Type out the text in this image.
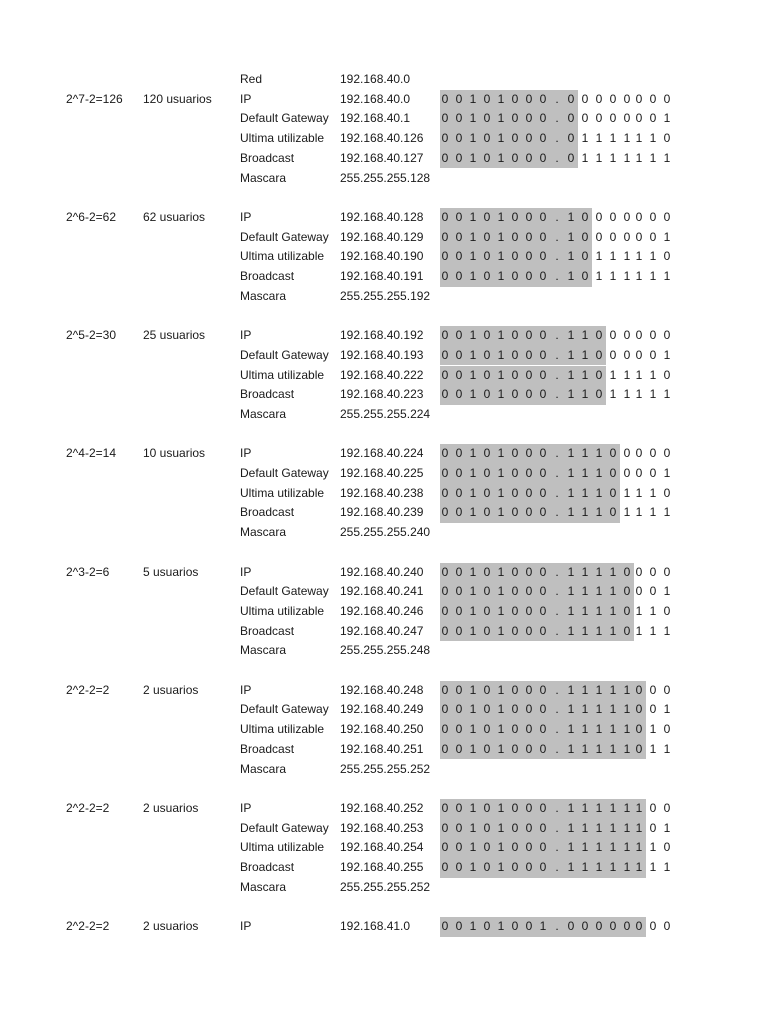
Red	192.168.40.0
2^7-2=126 120 usuarios IP	192.168.40.0	0 0 1 0 1 0 0 0 . 0 0 0 0 0 0 0 0
Default Gateway 192.168.40.1	0 0 1 0 1 0 0 0 . 0 0 0 0 0 0 0 1
Ultima utilizable 192.168.40.126 0 0 1 0 1 0 0 0 . 0 1 1 1 1 1 1 0
Broadcast	192.168.40.127 0 0 1 0 1 0 0 0 . 0 1 1 1 1 1 1 1
Mascara	255.255.255.128
2^6-2=62 62 usuarios	IP	192.168.40.128 0 0 1 0 1 0 0 0 . 1 0 0 0 0 0 0 0
Default Gateway 192.168.40.129 0 0 1 0 1 0 0 0 . 1 0 0 0 0 0 0 1
Ultima utilizable 192.168.40.190 0 0 1 0 1 0 0 0 . 1 0 1 1 1 1 1 0
Broadcast	192.168.40.191 0 0 1 0 1 0 0 0 . 1 0 1 1 1 1 1 1
Mascara	255.255.255.192
2^5-2=30 25 usuarios	IP	192.168.40.192 0 0 1 0 1 0 0 0 . 1 1 0 0 0 0 0 0
Default Gateway 192.168.40.193 0 0 1 0 1 0 0 0 . 1 1 0 0 0 0 0 1
Ultima utilizable 192.168.40.222 0 0 1 0 1 0 0 0 . 1 1 0 1 1 1 1 0
Broadcast	192.168.40.223 0 0 1 0 1 0 0 0 . 1 1 0 1 1 1 1 1
Mascara	255.255.255.224
2^4-2=14 10 usuarios	IP	192.168.40.224 0 0 1 0 1 0 0 0 . 1 1 1 0 0 0 0 0
Default Gateway 192.168.40.225 0 0 1 0 1 0 0 0 . 1 1 1 0 0 0 0 1
Ultima utilizable 192.168.40.238 0 0 1 0 1 0 0 0 . 1 1 1 0 1 1 1 0
Broadcast	192.168.40.239 0 0 1 0 1 0 0 0 . 1 1 1 0 1 1 1 1
Mascara	255.255.255.240
2^3-2=6	5 usuarios	IP	192.168.40.240 0 0 1 0 1 0 0 0 . 1 1 1 1 0 0 0 0
Default Gateway 192.168.40.241 0 0 1 0 1 0 0 0 . 1 1 1 1 0 0 0 1
Ultima utilizable 192.168.40.246 0 0 1 0 1 0 0 0 . 1 1 1 1 0 1 1 0
Broadcast	192.168.40.247 0 0 1 0 1 0 0 0 . 1 1 1 1 0 1 1 1
Mascara	255.255.255.248
2^2-2=2	2 usuarios	IP	192.168.40.248 0 0 1 0 1 0 0 0 . 1 1 1 1 1 0 0 0
Default Gateway 192.168.40.249 0 0 1 0 1 0 0 0 . 1 1 1 1 1 0 0 1
Ultima utilizable 192.168.40.250 0 0 1 0 1 0 0 0 . 1 1 1 1 1 0 1 0
Broadcast	192.168.40.251 0 0 1 0 1 0 0 0 . 1 1 1 1 1 0 1 1
Mascara	255.255.255.252
2^2-2=2	2 usuarios	IP	192.168.40.252 0 0 1 0 1 0 0 0 . 1 1 1 1 1 1 0 0
Default Gateway 192.168.40.253 0 0 1 0 1 0 0 0 . 1 1 1 1 1 1 0 1
Ultima utilizable 192.168.40.254 0 0 1 0 1 0 0 0 . 1 1 1 1 1 1 1 0
Broadcast	192.168.40.255 0 0 1 0 1 0 0 0 . 1 1 1 1 1 1 1 1
Mascara	255.255.255.252
2^2-2=2	2 usuarios	IP	192.168.41.0	0 0 1 0 1 0 0 1 . 0 0 0 0 0 0 0 0
